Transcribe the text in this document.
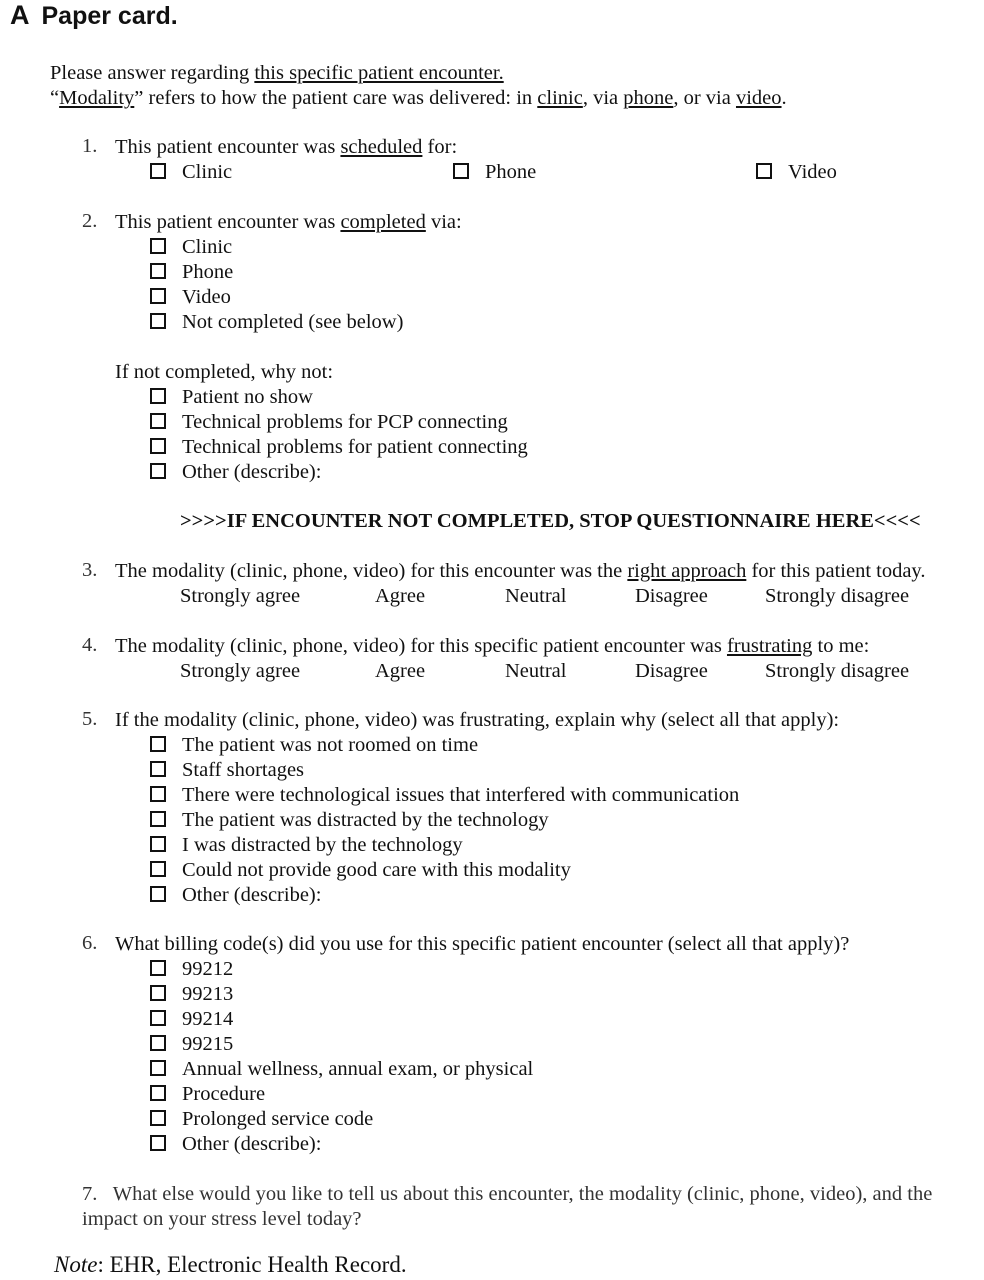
A Paper card.
Please answer regarding this specific patient encounter.
“Modality” refers to how the patient care was delivered: in clinic, via phone, or via video.
1. This patient encounter was scheduled for:
Clinic	Phone	Video
2. This patient encounter was completed via:
Clinic
Phone
Video
Not completed (see below)
If not completed, why not:
Patient no show
Technical problems for PCP connecting
Technical problems for patient connecting
Other (describe):
>>>>IF ENCOUNTER NOT COMPLETED, STOP QUESTIONNAIRE HERE<<<<
3. The modality (clinic, phone, video) for this encounter was the right approach for this patient today.
Strongly agree	Agree	Neutral	Disagree	Strongly disagree
4. The modality (clinic, phone, video) for this specific patient encounter was frustrating to me:
Strongly agree	Agree	Neutral	Disagree	Strongly disagree
5. If the modality (clinic, phone, video) was frustrating, explain why (select all that apply):
The patient was not roomed on time
Staff shortages
There were technological issues that interfered with communication
The patient was distracted by the technology
I was distracted by the technology
Could not provide good care with this modality
Other (describe):
6. What billing code(s) did you use for this specific patient encounter (select all that apply)?
99212
99213
99214
99215
Annual wellness, annual exam, or physical
Procedure
Prolonged service code
Other (describe):
7. What else would you like to tell us about this encounter, the modality (clinic, phone, video), and the
impact on your stress level today?
Note: EHR, Electronic Health Record.
